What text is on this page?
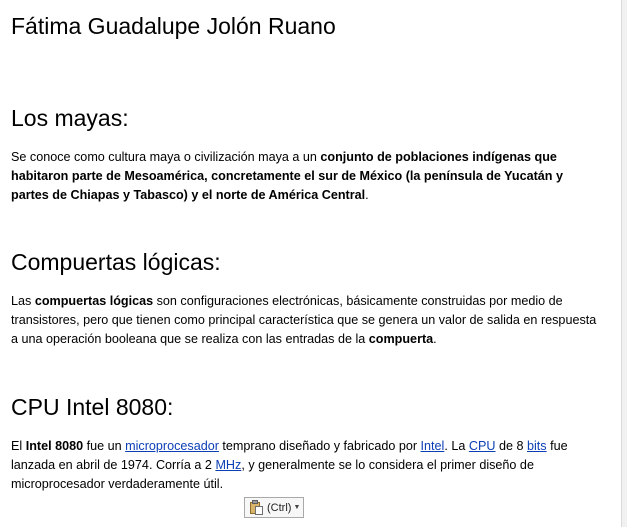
Fátima Guadalupe Jolón Ruano
Los mayas:
Se conoce como cultura maya o civilización maya a un conjunto de poblaciones indígenas que habitaron parte de Mesoamérica, concretamente el sur de México (la península de Yucatán y partes de Chiapas y Tabasco) y el norte de América Central.
Compuertas lógicas:
Las compuertas lógicas son configuraciones electrónicas, básicamente construidas por medio de transistores, pero que tienen como principal característica que se genera un valor de salida en respuesta a una operación booleana que se realiza con las entradas de la compuerta.
CPU Intel 8080:
El Intel 8080 fue un microprocesador temprano diseñado y fabricado por Intel. La CPU de 8 bits fue lanzada en abril de 1974. Corría a 2 MHz, y generalmente se lo considera el primer diseño de microprocesador verdaderamente útil.
(Ctrl) ▼
